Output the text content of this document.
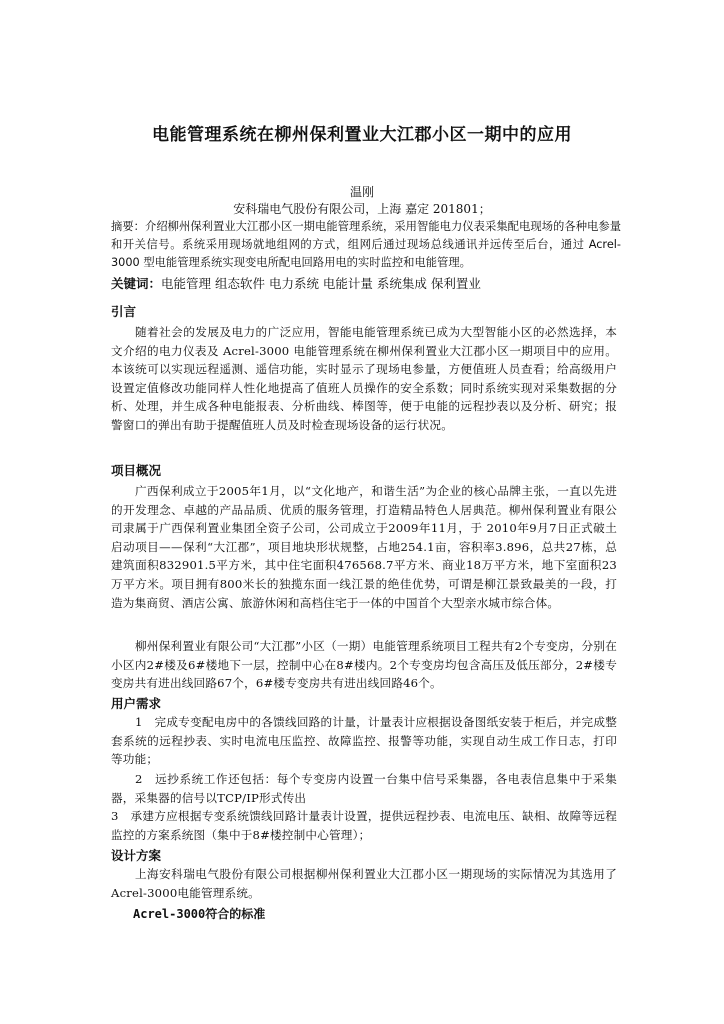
电能管理系统在柳州保利置业大江郡小区一期中的应用
温刚
安科瑞电气股份有限公司，上海 嘉定 201801；
摘要：介绍柳州保利置业大江郡小区一期电能管理系统，采用智能电力仪表采集配电现场的各种电参量和开关信号。系统采用现场就地组网的方式，组网后通过现场总线通讯并远传至后台，通过 Acrel-3000 型电能管理系统实现变电所配电回路用电的实时监控和电能管理。
关键词：电能管理 组态软件 电力系统 电能计量 系统集成 保利置业
引言
随着社会的发展及电力的广泛应用，智能电能管理系统已成为大型智能小区的必然选择，本文介绍的电力仪表及 Acrel-3000 电能管理系统在柳州保利置业大江郡小区一期项目中的应用。本该统可以实现远程遥测、遥信功能，实时显示了现场电参量，方便值班人员查看；给高级用户设置定值修改功能同样人性化地提高了值班人员操作的安全系数；同时系统实现对采集数据的分析、处理，并生成各种电能报表、分析曲线、棒图等，便于电能的远程抄表以及分析、研究；报警窗口的弹出有助于提醒值班人员及时检查现场设备的运行状况。
项目概况
广西保利成立于2005年1月，以“文化地产，和谐生活”为企业的核心品牌主张，一直以先进的开发理念、卓越的产品品质、优质的服务管理，打造精品特色人居典范。柳州保利置业有限公司隶属于广西保利置业集团全资子公司，公司成立于2009年11月，于 2010年9月7日正式破土启动项目——保利“大江郡”，项目地块形状规整，占地254.1亩，容积率3.896，总共27栋，总建筑面积832901.5平方米，其中住宅面积476568.7平方米、商业18万平方米，地下室面积23万平方米。项目拥有800米长的独揽东面一线江景的绝佳优势，可谓是柳江景致最美的一段，打造为集商贸、酒店公寓、旅游休闲和高档住宅于一体的中国首个大型亲水城市综合体。
柳州保利置业有限公司“大江郡”小区（一期）电能管理系统项目工程共有2个专变房，分别在小区内2#楼及6#楼地下一层，控制中心在8#楼内。2个专变房均包含高压及低压部分，2#楼专变房共有进出线回路67个，6#楼专变房共有进出线回路46个。
用户需求
1　完成专变配电房中的各馈线回路的计量，计量表计应根据设备图纸安装于柜后，并完成整套系统的远程抄表、实时电流电压监控、故障监控、报警等功能，实现自动生成工作日志，打印等功能；
2　远抄系统工作还包括：每个专变房内设置一台集中信号采集器，各电表信息集中于采集器，采集器的信号以TCP/IP形式传出
3　承建方应根据专变系统馈线回路计量表计设置，提供远程抄表、电流电压、缺相、故障等远程监控的方案系统图（集中于8#楼控制中心管理）；
设计方案
上海安科瑞电气股份有限公司根据柳州保利置业大江郡小区一期现场的实际情况为其选用了Acrel-3000电能管理系统。
Acrel-3000符合的标准
